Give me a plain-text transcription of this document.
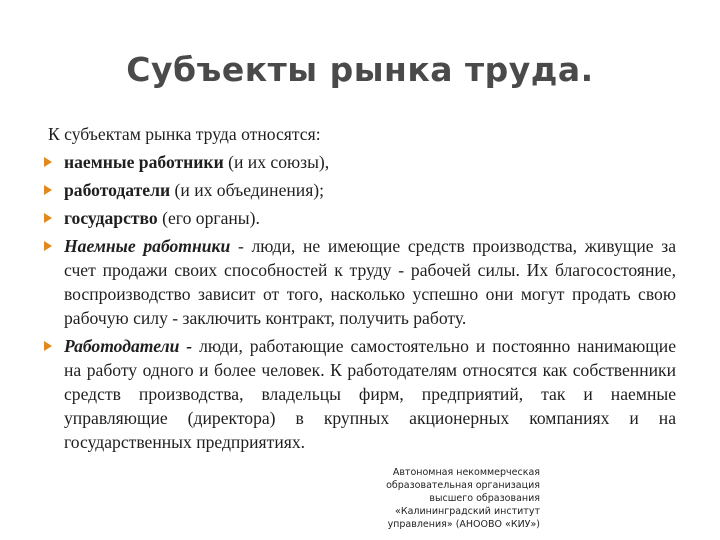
Субъекты рынка труда.
К субъектам рынка труда относятся:
наемные работники (и их союзы),
работодатели (и их объединения);
государство (его органы).
Наемные работники - люди, не имеющие средств производства, живущие за счет продажи своих способностей к труду - рабочей силы. Их благосостояние, воспроизводство зависит от того, насколько успешно они могут продать свою рабочую силу - заключить контракт, получить работу.
Работодатели - люди, работающие самостоятельно и постоянно нанимающие на работу одного и более человек. К работодателям относятся как собственники средств производства, владельцы фирм, предприятий, так и наемные управляющие (директора) в крупных акционерных компаниях и на государственных предприятиях.
Автономная некоммерческая
образовательная организация
высшего образования
«Калининградский институт
управления» (АНООВО «КИУ»)
